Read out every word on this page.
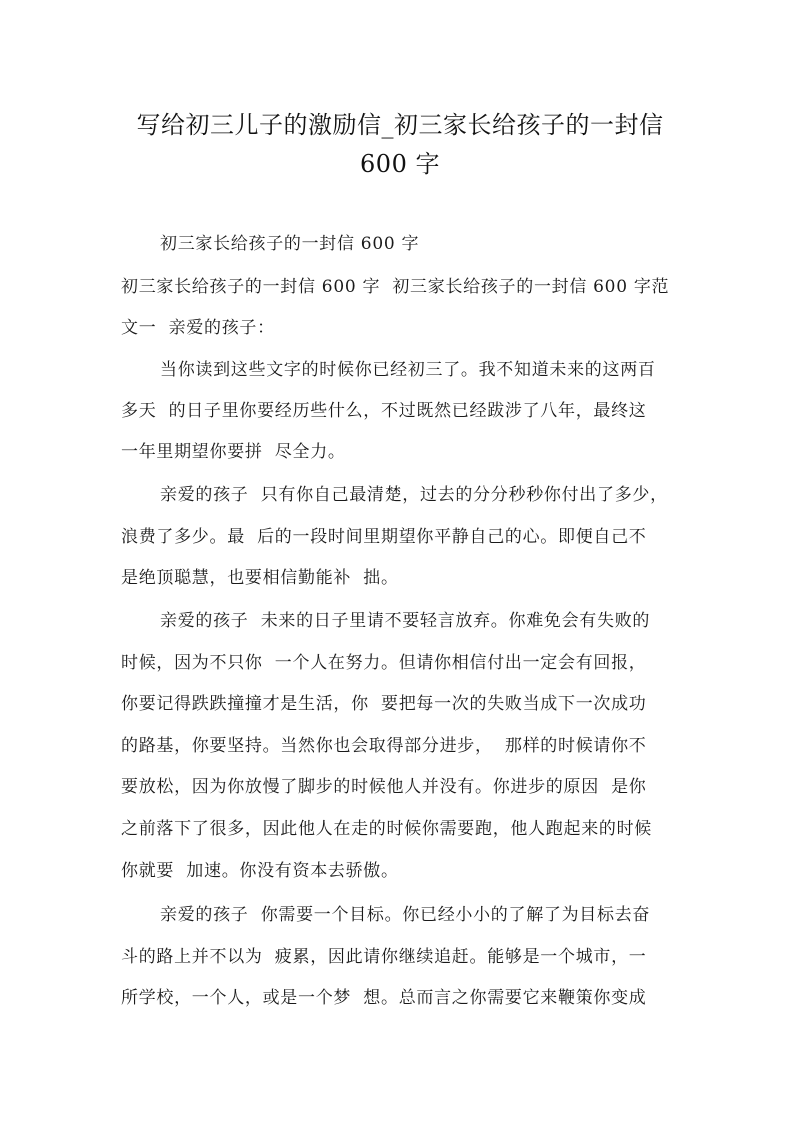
写给初三儿子的激励信_初三家长给孩子的一封信
600 字
初三家长给孩子的一封信 600 字
初三家长给孩子的一封信 600 字  初三家长给孩子的一封信 600 字范
文一  亲爱的孩子：
当你读到这些文字的时候你已经初三了。我不知道未来的这两百
多天  的日子里你要经历些什么，不过既然已经跋涉了八年，最终这
一年里期望你要拼  尽全力。
亲爱的孩子  只有你自己最清楚，过去的分分秒秒你付出了多少，
浪费了多少。最  后的一段时间里期望你平静自己的心。即便自己不
是绝顶聪慧，也要相信勤能补  拙。
亲爱的孩子  未来的日子里请不要轻言放弃。你难免会有失败的
时候，因为不只你  一个人在努力。但请你相信付出一定会有回报，
你要记得跌跌撞撞才是生活，你  要把每一次的失败当成下一次成功
的路基，你要坚持。当然你也会取得部分进步，  那样的时候请你不
要放松，因为你放慢了脚步的时候他人并没有。你进步的原因  是你
之前落下了很多，因此他人在走的时候你需要跑，他人跑起来的时候
你就要  加速。你没有资本去骄傲。
亲爱的孩子  你需要一个目标。你已经小小的了解了为目标去奋
斗的路上并不以为  疲累，因此请你继续追赶。能够是一个城市，一
所学校，一个人，或是一个梦  想。总而言之你需要它来鞭策你变成
